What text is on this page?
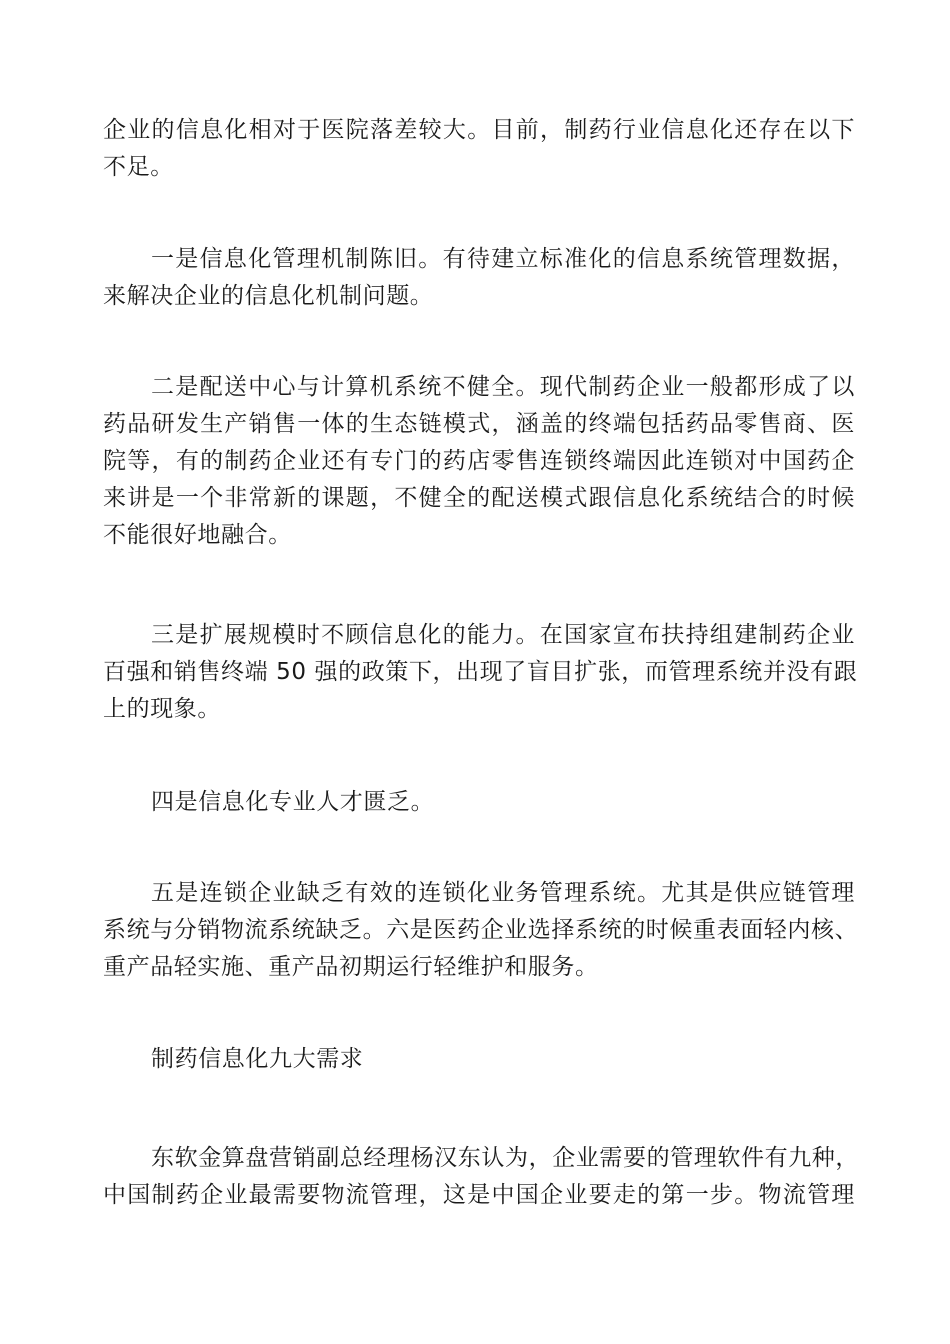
企业的信息化相对于医院落差较大。目前，制药行业信息化还存在以下
不足。

一是信息化管理机制陈旧。有待建立标准化的信息系统管理数据，
来解决企业的信息化机制问题。

二是配送中心与计算机系统不健全。现代制药企业一般都形成了以
药品研发生产销售一体的生态链模式，涵盖的终端包括药品零售商、医
院等，有的制药企业还有专门的药店零售连锁终端因此连锁对中国药企
来讲是一个非常新的课题，不健全的配送模式跟信息化系统结合的时候
不能很好地融合。

三是扩展规模时不顾信息化的能力。在国家宣布扶持组建制药企业
百强和销售终端 50 强的政策下，出现了盲目扩张，而管理系统并没有跟
上的现象。

四是信息化专业人才匮乏。

五是连锁企业缺乏有效的连锁化业务管理系统。尤其是供应链管理
系统与分销物流系统缺乏。六是医药企业选择系统的时候重表面轻内核、
重产品轻实施、重产品初期运行轻维护和服务。

制药信息化九大需求

东软金算盘营销副总经理杨汉东认为，企业需要的管理软件有九种，
中国制药企业最需要物流管理，这是中国企业要走的第一步。物流管理
